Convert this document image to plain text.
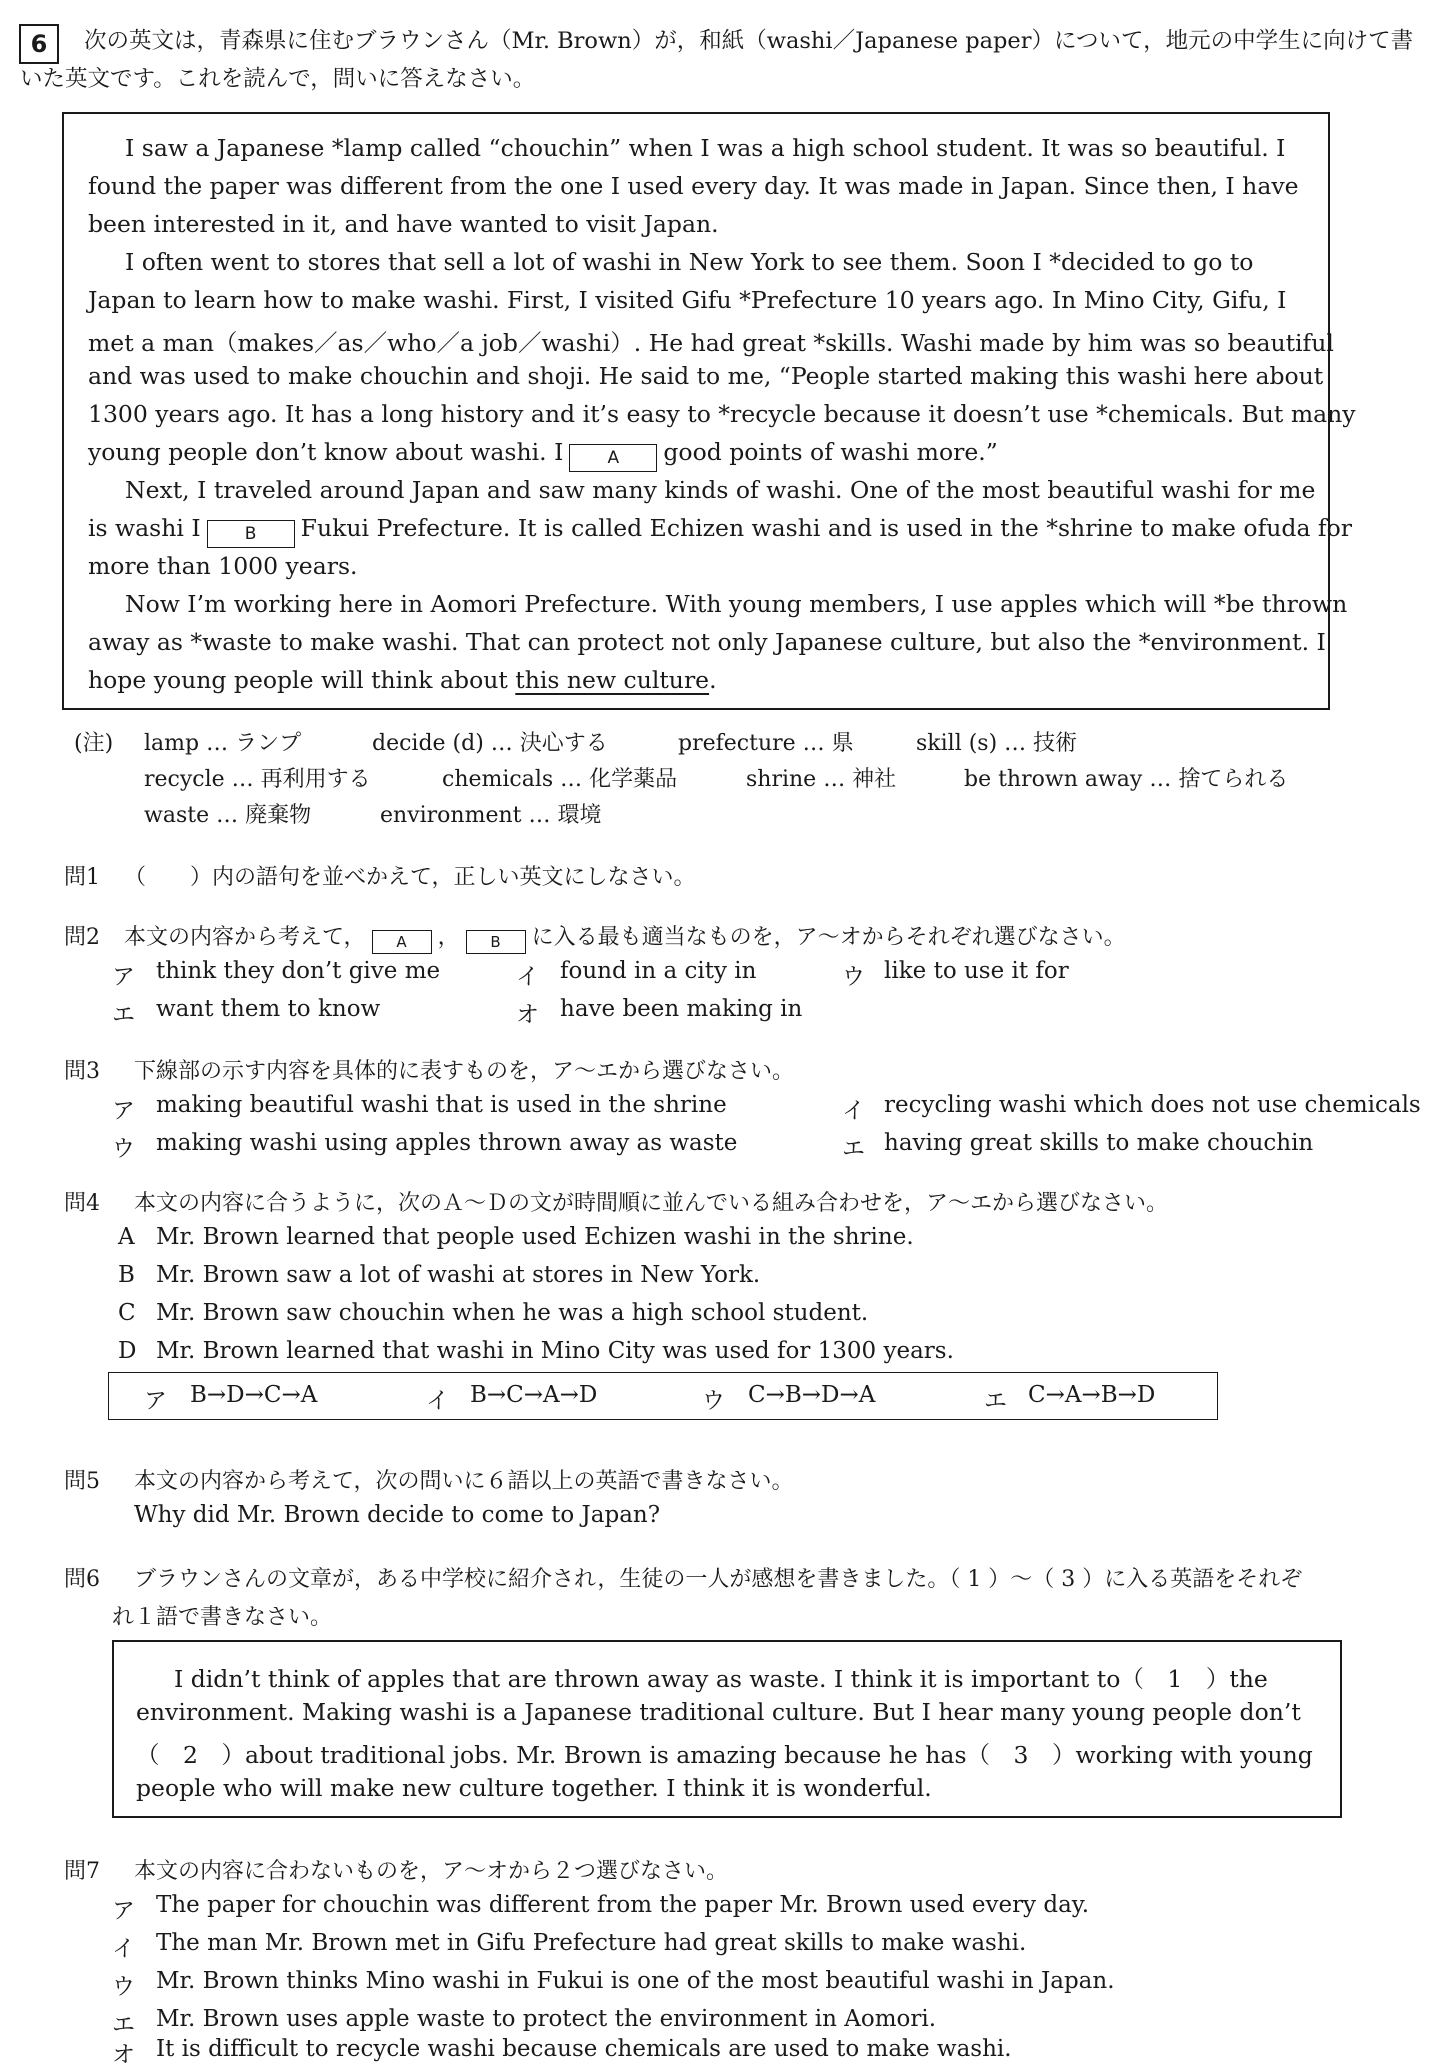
6	次の英文は，青森県に住むブラウンさん（Mr. Brown）が，和紙（washi／Japanese paper）について，地元の中学生に向けて書
いた英文です。これを読んで，問いに答えなさい。
I saw a Japanese *lamp called “chouchin” when I was a high school student. It was so beautiful. I
found the paper was different from the one I used every day. It was made in Japan. Since then, I have
been interested in it, and have wanted to visit Japan.
I often went to stores that sell a lot of washi in New York to see them. Soon I *decided to go to
Japan to learn how to make washi. First, I visited Gifu *Prefecture 10 years ago. In Mino City, Gifu, I
met a man（makes／as／who／a job／washi）. He had great *skills. Washi made by him was so beautiful
and was used to make chouchin and shoji. He said to me, “People started making this washi here about
1300 years ago. It has a long history and it’s easy to *recycle because it doesn’t use *chemicals. But many
young people don’t know about washi. I	A good points of washi more.”
Next, I traveled around Japan and saw many kinds of washi. One of the most beautiful washi for me
is washi I	B Fukui Prefecture. It is called Echizen washi and is used in the *shrine to make ofuda for
more than 1000 years.
Now I’m working here in Aomori Prefecture. With young members, I use apples which will *be thrown
away as *waste to make washi. That can protect not only Japanese culture, but also the *environment. I
hope young people will think about this new culture.
(注) lamp … ランプ	decide (d) … 決心する	prefecture … 県	skill (s) … 技術
recycle … 再利用する	chemicals … 化学薬品	shrine … 神社	be thrown away … 捨てられる
waste … 廃棄物	environment … 環境
問1 （　　）内の語句を並べかえて，正しい英文にしなさい。
問2 本文の内容から考えて， A ， B に入る最も適当なものを，ア～オからそれぞれ選びなさい。
ア think they don’t give me	イ found in a city in	ウ like to use it for
エ want them to know	オ have been making in
問3 下線部の示す内容を具体的に表すものを，ア～エから選びなさい。
ア making beautiful washi that is used in the shrine	イ recycling washi which does not use chemicals
ウ making washi using apples thrown away as waste	エ having great skills to make chouchin
問4 本文の内容に合うように，次のＡ～Ｄの文が時間順に並んでいる組み合わせを，ア～エから選びなさい。
A Mr. Brown learned that people used Echizen washi in the shrine.
B Mr. Brown saw a lot of washi at stores in New York.
C Mr. Brown saw chouchin when he was a high school student.
D Mr. Brown learned that washi in Mino City was used for 1300 years.
ア B→D→C→A	イ B→C→A→D	ウ C→B→D→A	エ C→A→B→D
問5 本文の内容から考えて，次の問いに６語以上の英語で書きなさい。
Why did Mr. Brown decide to come to Japan?
問6 ブラウンさんの文章が，ある中学校に紹介され，生徒の一人が感想を書きました。（ 1 ）～（ 3 ）に入る英語をそれぞ
れ１語で書きなさい。
I didn’t think of apples that are thrown away as waste. I think it is important to（　1　）the
environment. Making washi is a Japanese traditional culture. But I hear many young people don’t
（　2　）about traditional jobs. Mr. Brown is amazing because he has（　3　）working with young
people who will make new culture together. I think it is wonderful.
問7 本文の内容に合わないものを，ア～オから２つ選びなさい。
ア The paper for chouchin was different from the paper Mr. Brown used every day.
イ The man Mr. Brown met in Gifu Prefecture had great skills to make washi.
ウ Mr. Brown thinks Mino washi in Fukui is one of the most beautiful washi in Japan.
エ Mr. Brown uses apple waste to protect the environment in Aomori.
オ It is difficult to recycle washi because chemicals are used to make washi.
